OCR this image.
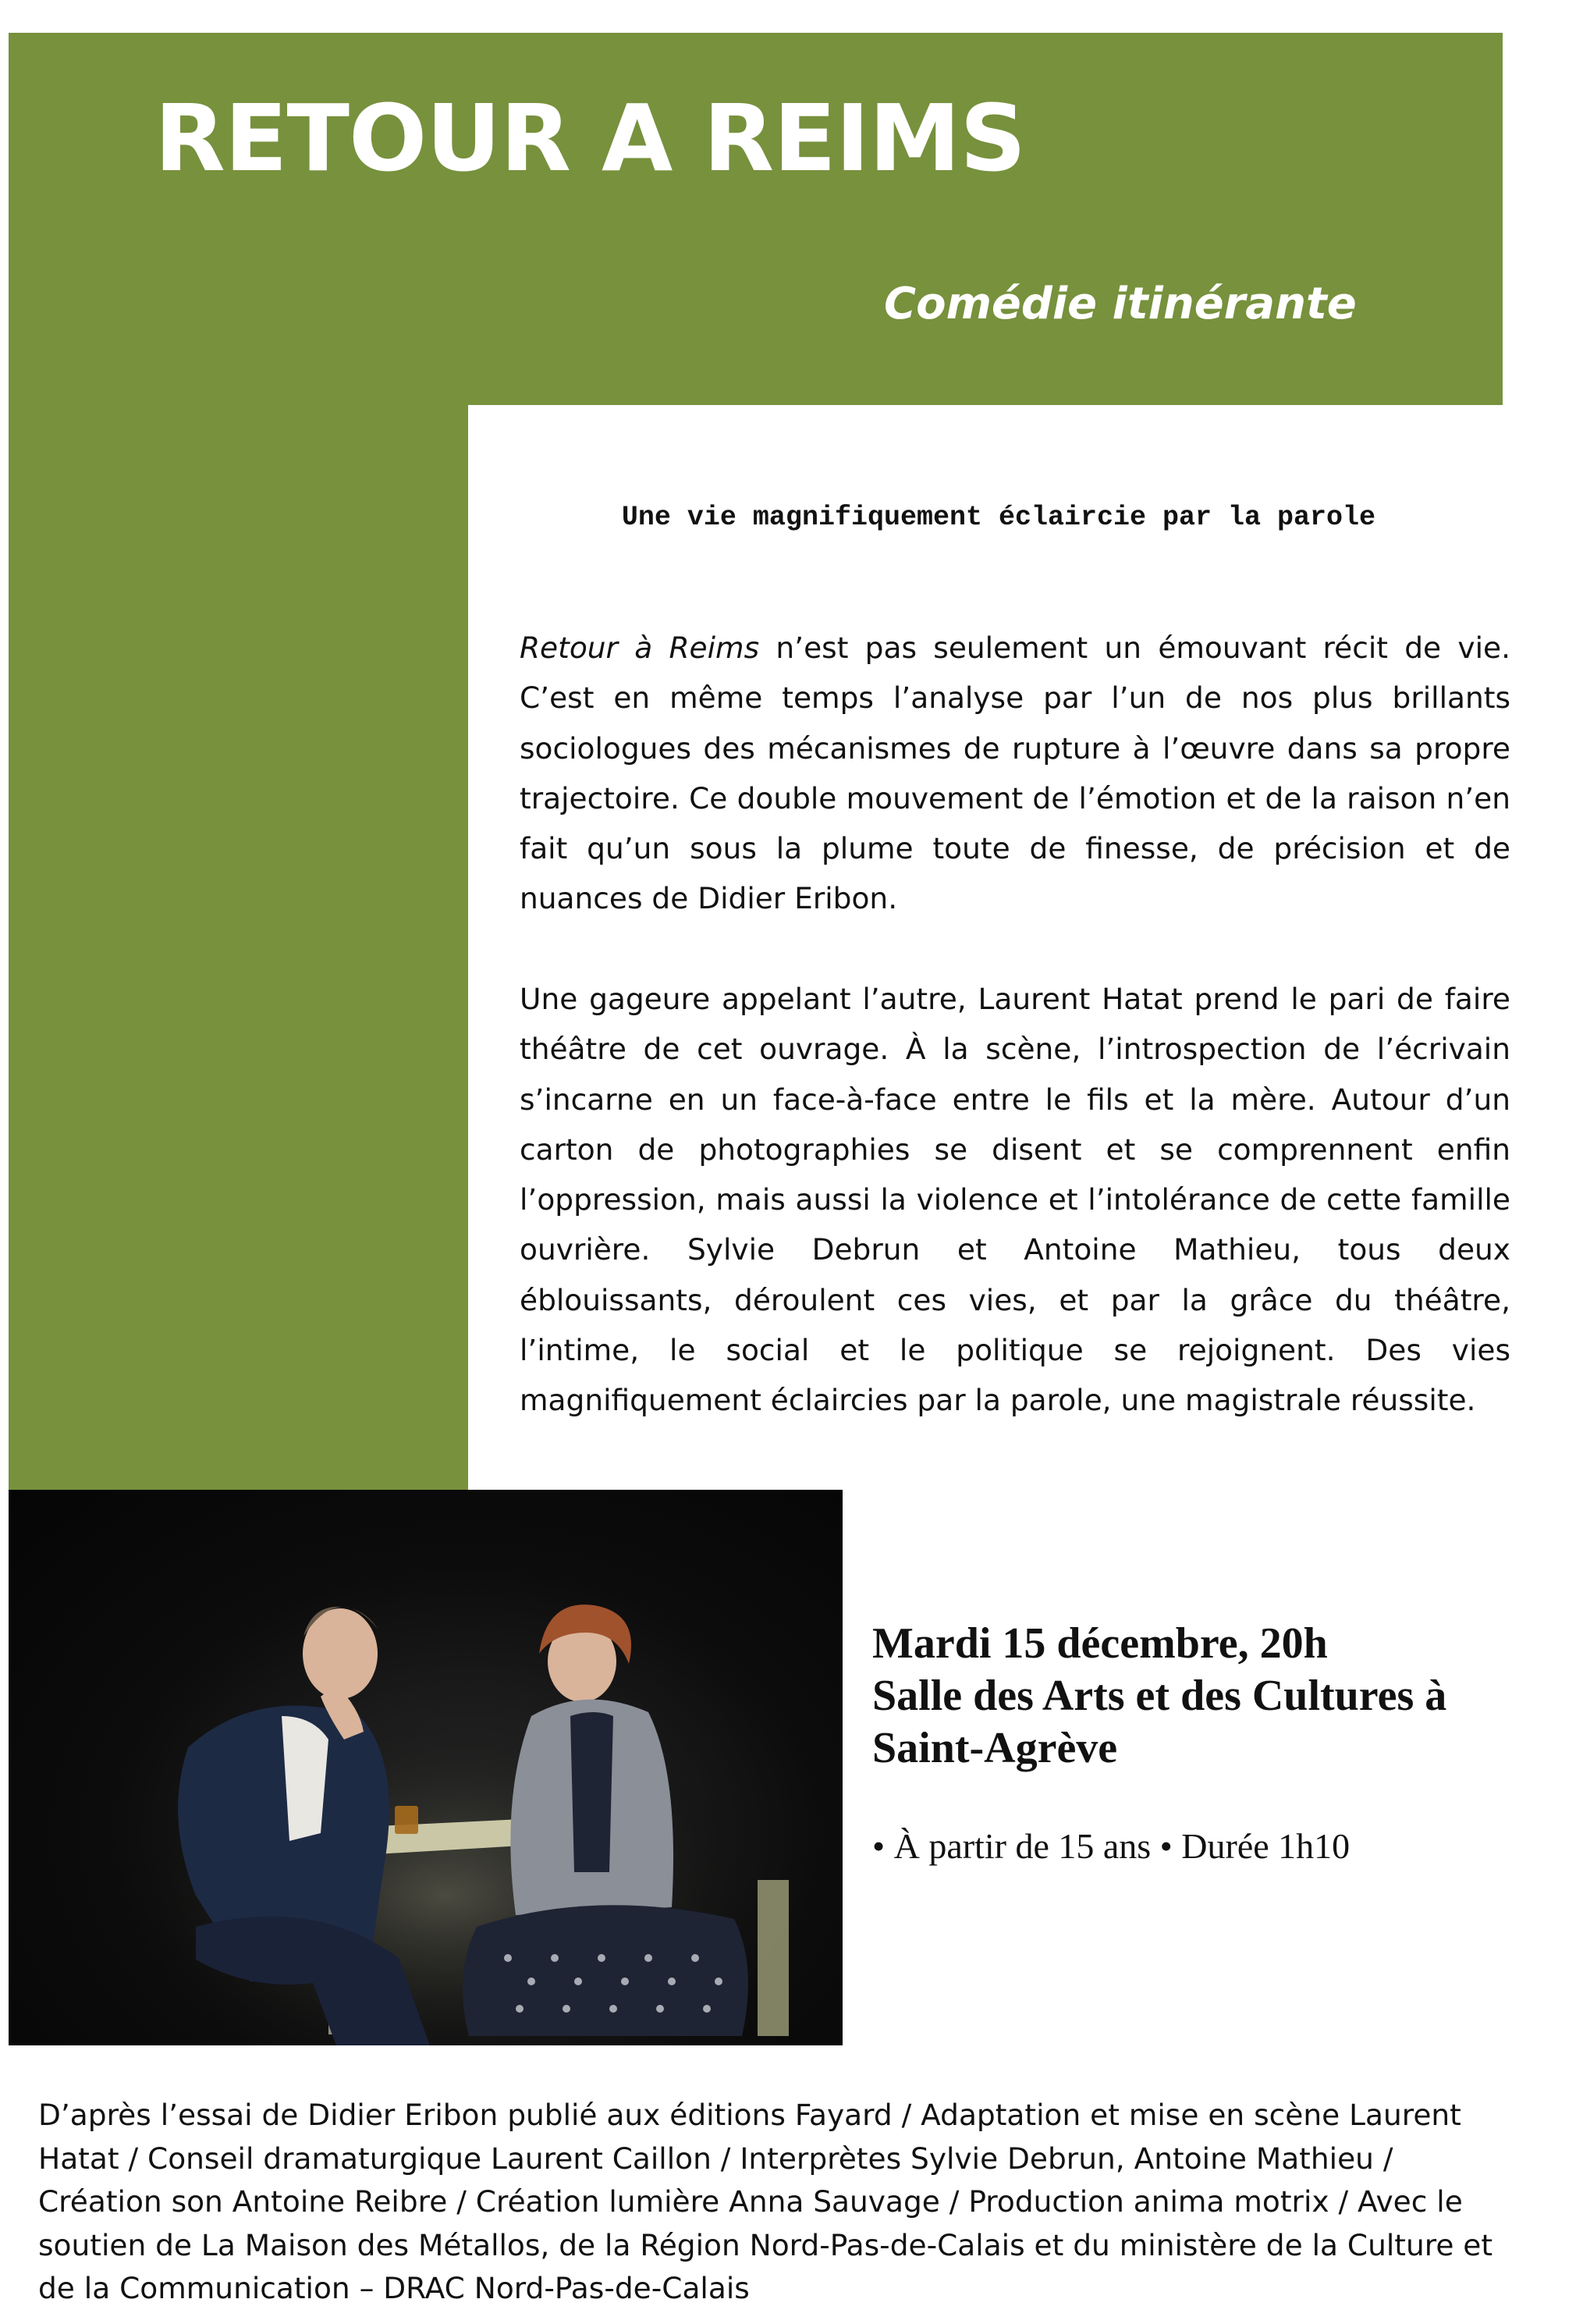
RETOUR A REIMS
Comédie itinérante

Une vie magnifiquement éclaircie par la parole

Retour à Reims n’est pas seulement un émouvant récit de vie. C’est en même temps l’analyse par l’un de nos plus brillants sociologues des mécanismes de rupture à l’œuvre dans sa propre trajectoire. Ce double mouvement de l’émotion et de la raison n’en fait qu’un sous la plume toute de finesse, de précision et de nuances de Didier Eribon.

Une gageure appelant l’autre, Laurent Hatat prend le pari de faire théâtre de cet ouvrage. À la scène, l’introspection de l’écrivain s’incarne en un face-à-face entre le fils et la mère. Autour d’un carton de photographies se disent et se comprennent enfin l’oppression, mais aussi la violence et l’intolérance de cette famille ouvrière. Sylvie Debrun et Antoine Mathieu, tous deux éblouissants, déroulent ces vies, et par la grâce du théâtre, l’intime, le social et le politique se rejoignent. Des vies magnifiquement éclaircies par la parole, une magistrale réussite.

Mardi 15 décembre, 20h

Salle des Arts et des Cultures à

Saint-Agrève

• À partir de 15 ans • Durée 1h10

D’après l’essai de Didier Eribon publié aux éditions Fayard / Adaptation et mise en scène Laurent Hatat / Conseil dramaturgique Laurent Caillon / Interprètes Sylvie Debrun, Antoine Mathieu / Création son Antoine Reibre / Création lumière Anna Sauvage / Production anima motrix / Avec le soutien de La Maison des Métallos, de la Région Nord-Pas-de-Calais et du ministère de la Culture et de la Communication – DRAC Nord-Pas-de-Calais
